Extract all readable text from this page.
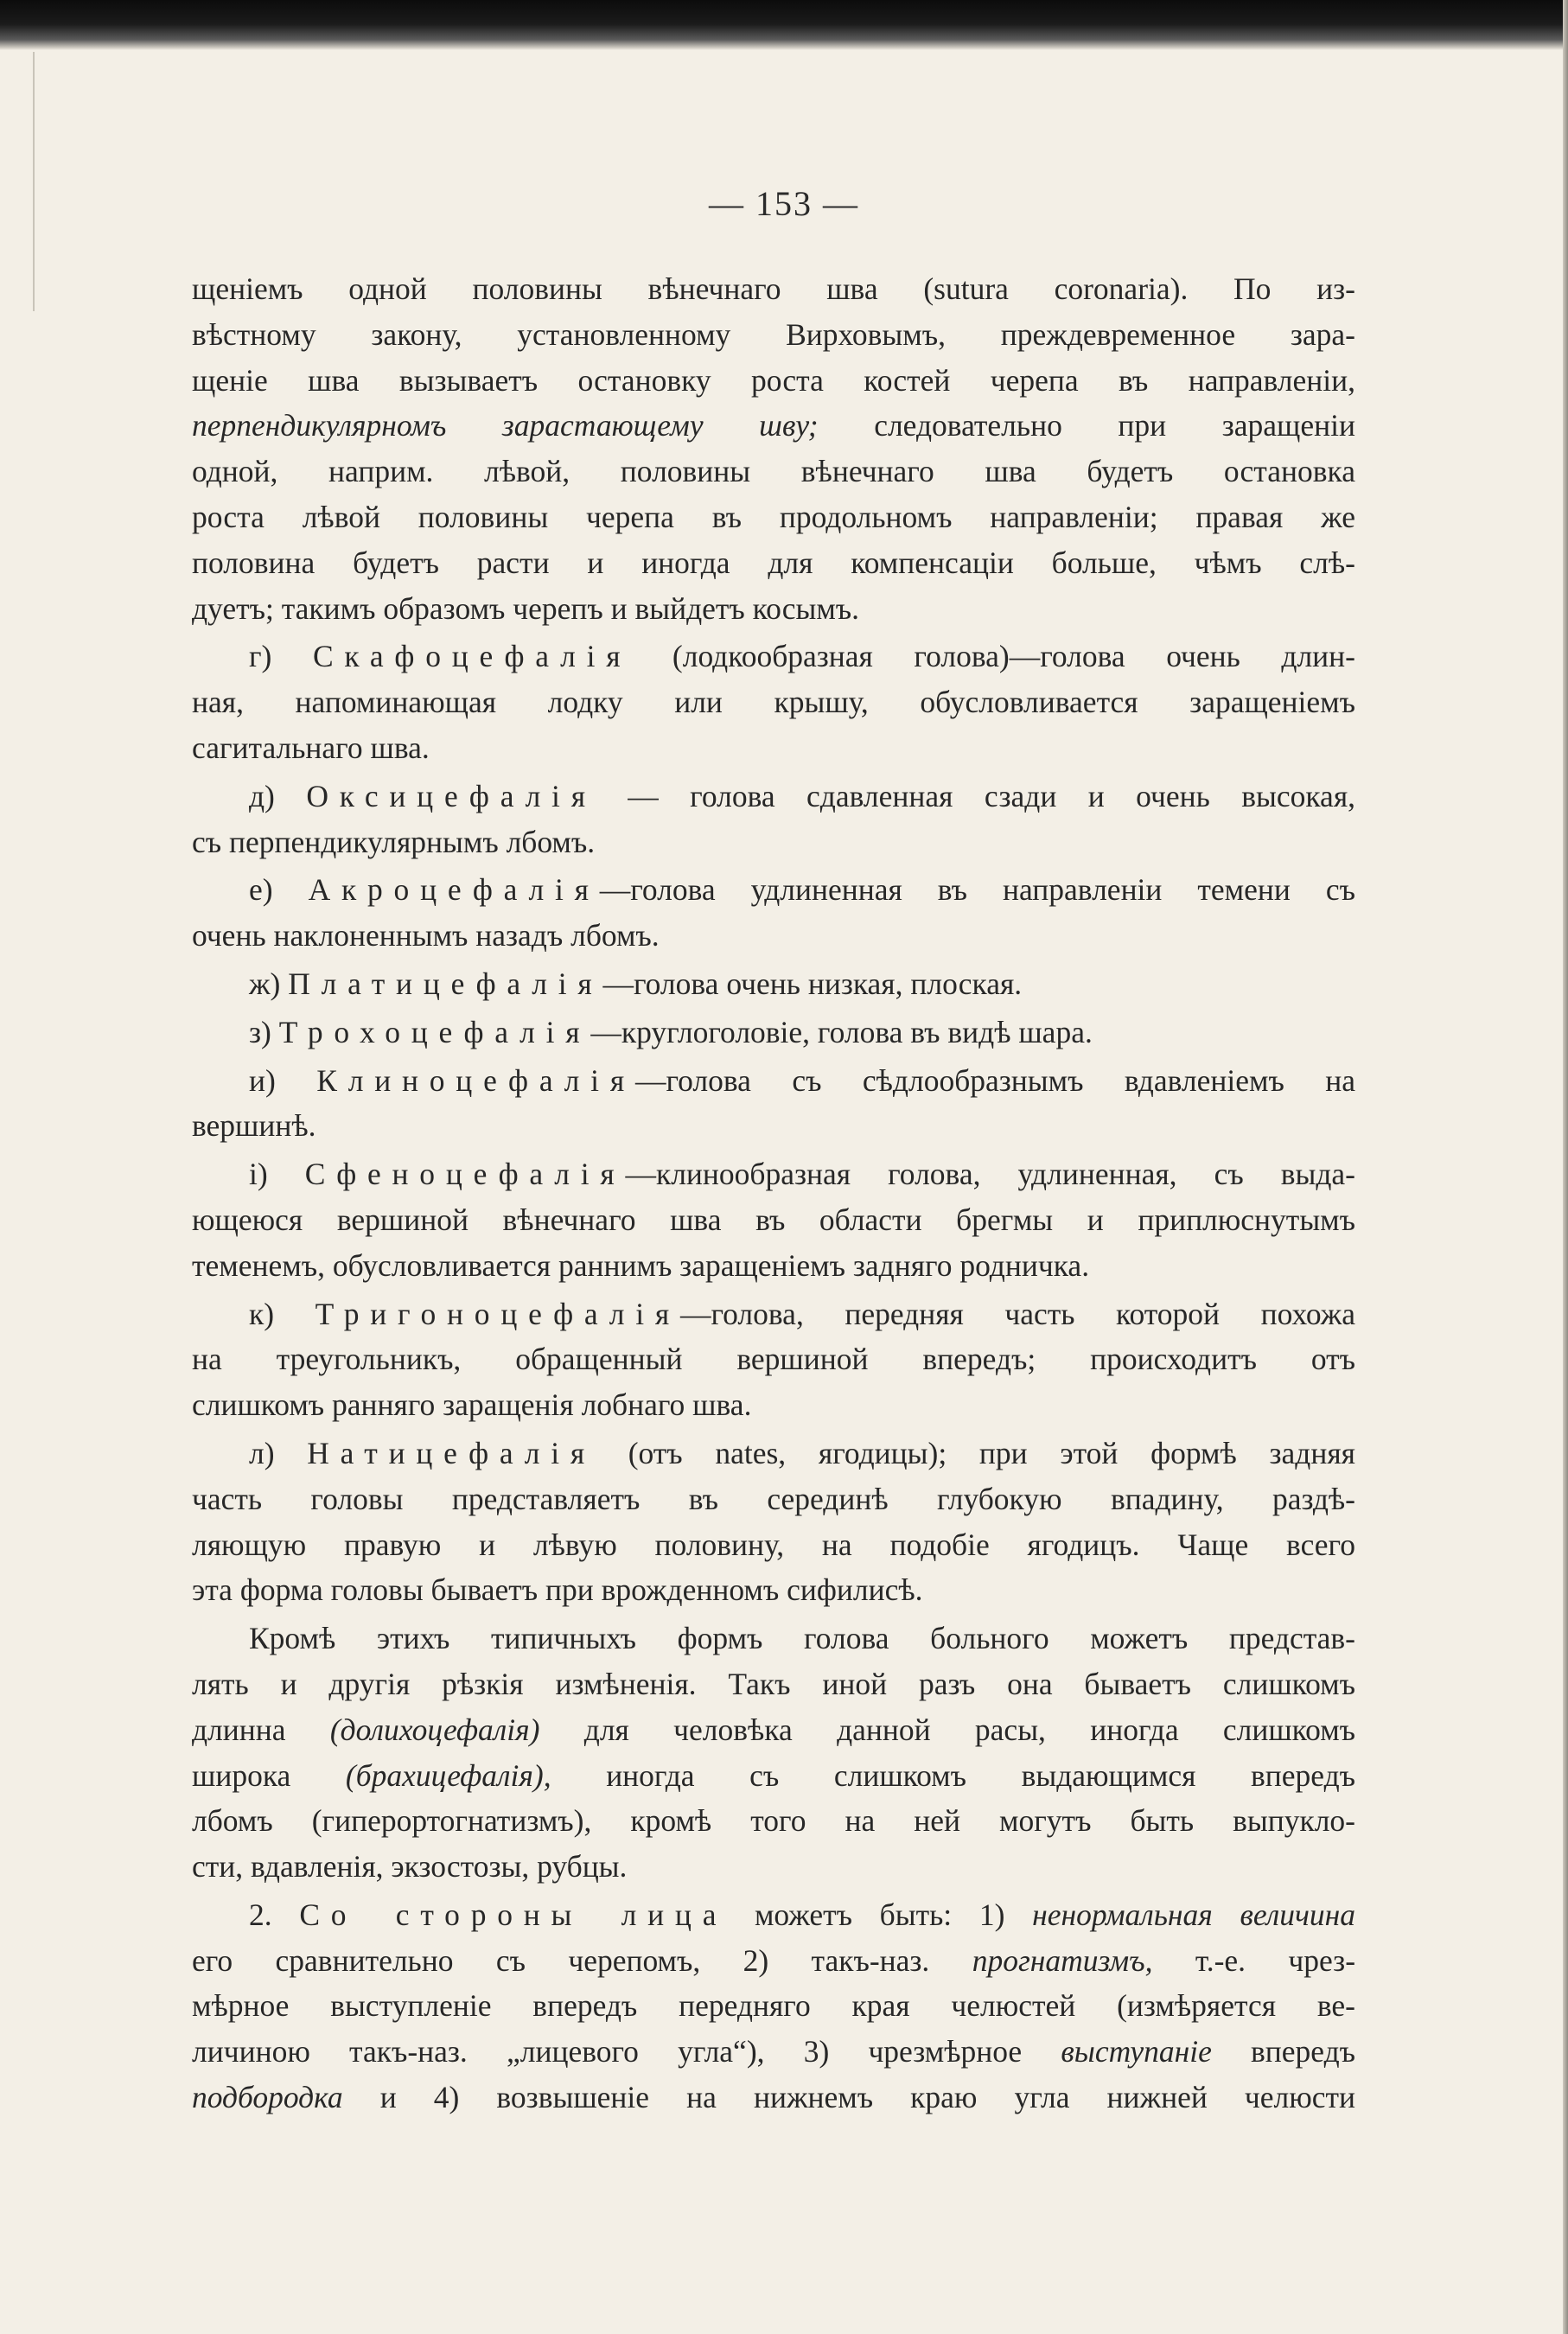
— 153 —
щеніемъ одной половины вѣнечнаго шва (sutura coronaria). По из-
вѣстному закону, установленному Вирховымъ, преждевременное зара-
щеніе шва вызываетъ остановку роста костей черепа въ направленіи,
перпендикулярномъ зарастающему шву; следовательно при заращеніи
одной, наприм. лѣвой, половины вѣнечнаго шва будетъ остановка
роста лѣвой половины черепа въ продольномъ направленіи; правая же
половина будетъ расти и иногда для компенсаціи больше, чѣмъ слѣ-
дуетъ; такимъ образомъ черепъ и выйдетъ косымъ.
г) Скафоцефалія (лодкообразная голова)—голова очень длин-
ная, напоминающая лодку или крышу, обусловливается заращеніемъ
сагитальнаго шва.
д) Оксицефалія — голова сдавленная сзади и очень высокая,
съ перпендикулярнымъ лбомъ.
е) Акроцефалія—голова удлиненная въ направленіи темени съ
очень наклоненнымъ назадъ лбомъ.
ж) Платицефалія—голова очень низкая, плоская.
з) Трохоцефалія—круглоголовіе, голова въ видѣ шара.
и) Клиноцефалія—голова съ сѣдлообразнымъ вдавленіемъ на
вершинѣ.
і) Сфеноцефалія—клинообразная голова, удлиненная, съ выда-
ющеюся вершиной вѣнечнаго шва въ области брегмы и приплюснутымъ
теменемъ, обусловливается раннимъ заращеніемъ задняго родничка.
к) Тригоноцефалія—голова, передняя часть которой похожа
на треугольникъ, обращенный вершиной впередъ; происходитъ отъ
слишкомъ ранняго заращенія лобнаго шва.
л) Натицефалія (отъ nates, ягодицы); при этой формѣ задняя
часть головы представляетъ въ серединѣ глубокую впадину, раздѣ-
ляющую правую и лѣвую половину, на подобіе ягодицъ. Чаще всего
эта форма головы бываетъ при врожденномъ сифилисѣ.
Кромѣ этихъ типичныхъ формъ голова больного можетъ представ-
лять и другія рѣзкія измѣненія. Такъ иной разъ она бываетъ слишкомъ
длинна (долихоцефалія) для человѣка данной расы, иногда слишкомъ
широка (брахицефалія), иногда съ слишкомъ выдающимся впередъ
лбомъ (гиперортогнатизмъ), кромѣ того на ней могутъ быть выпукло-
сти, вдавленія, экзостозы, рубцы.
2. Со стороны лица можетъ быть: 1) ненормальная величина
его сравнительно съ черепомъ, 2) такъ-наз. прогнатизмъ, т.-е. чрез-
мѣрное выступленіе впередъ передняго края челюстей (измѣряется ве-
личиною такъ-наз. „лицевого угла“), 3) чрезмѣрное выступаніе впередъ
подбородка и 4) возвышеніе на нижнемъ краю угла нижней челюсти
